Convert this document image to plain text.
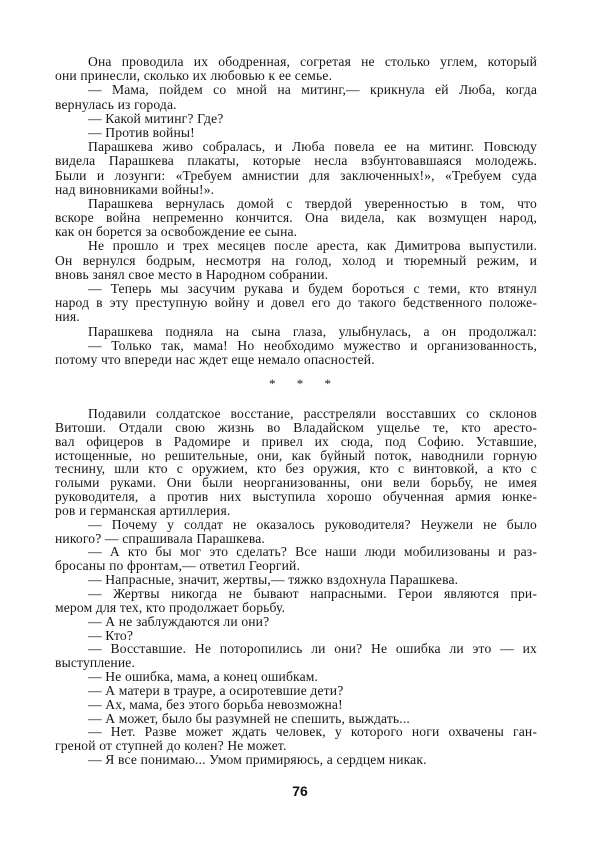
Она проводила их ободренная, согретая не столько углем, который
они принесли, сколько их любовью к ее семье.
— Мама, пойдем со мной на митинг,— крикнула ей Люба, когда
вернулась из города.
— Какой митинг? Где?
— Против войны!
Парашкева живо собралась, и Люба повела ее на митинг. Повсюду
видела Парашкева плакаты, которые несла взбунтовавшаяся молодежь.
Были и лозунги: «Требуем амнистии для заключенных!», «Требуем суда
над виновниками войны!».
Парашкева вернулась домой с твердой уверенностью в том, что
вскоре война непременно кончится. Она видела, как возмущен народ,
как он борется за освобождение ее сына.
Не прошло и трех месяцев после ареста, как Димитрова выпустили.
Он вернулся бодрым, несмотря на голод, холод и тюремный режим, и
вновь занял свое место в Народном собрании.
— Теперь мы засучим рукава и будем бороться с теми, кто втянул
народ в эту преступную войну и довел его до такого бедственного положе-
ния.
Парашкева подняла на сына глаза, улыбнулась, а он продолжал:
— Только так, мама! Но необходимо мужество и организованность,
потому что впереди нас ждет еще немало опасностей.
* * *
Подавили солдатское восстание, расстреляли восставших со склонов
Витоши. Отдали свою жизнь во Владайском ущелье те, кто аресто-
вал офицеров в Радомире и привел их сюда, под Софию. Уставшие,
истощенные, но решительные, они, как буйный поток, наводнили горную
теснину, шли кто с оружием, кто без оружия, кто с винтовкой, а кто с
голыми руками. Они были неорганизованны, они вели борьбу, не имея
руководителя, а против них выступила хорошо обученная армия юнке-
ров и германская артиллерия.
— Почему у солдат не оказалось руководителя? Неужели не было
никого? — спрашивала Парашкева.
— А кто бы мог это сделать? Все наши люди мобилизованы и раз-
бросаны по фронтам,— ответил Георгий.
— Напрасные, значит, жертвы,— тяжко вздохнула Парашкева.
— Жертвы никогда не бывают напрасными. Герои являются при-
мером для тех, кто продолжает борьбу.
— А не заблуждаются ли они?
— Кто?
— Восставшие. Не поторопились ли они? Не ошибка ли это — их
выступление.
— Не ошибка, мама, а конец ошибкам.
— А матери в трауре, а осиротевшие дети?
— Ах, мама, без этого борьба невозможна!
— А может, было бы разумней не спешить, выждать...
— Нет. Разве может ждать человек, у которого ноги охвачены ган-
греной от ступней до колен? Не может.
— Я все понимаю... Умом примиряюсь, а сердцем никак.
76
